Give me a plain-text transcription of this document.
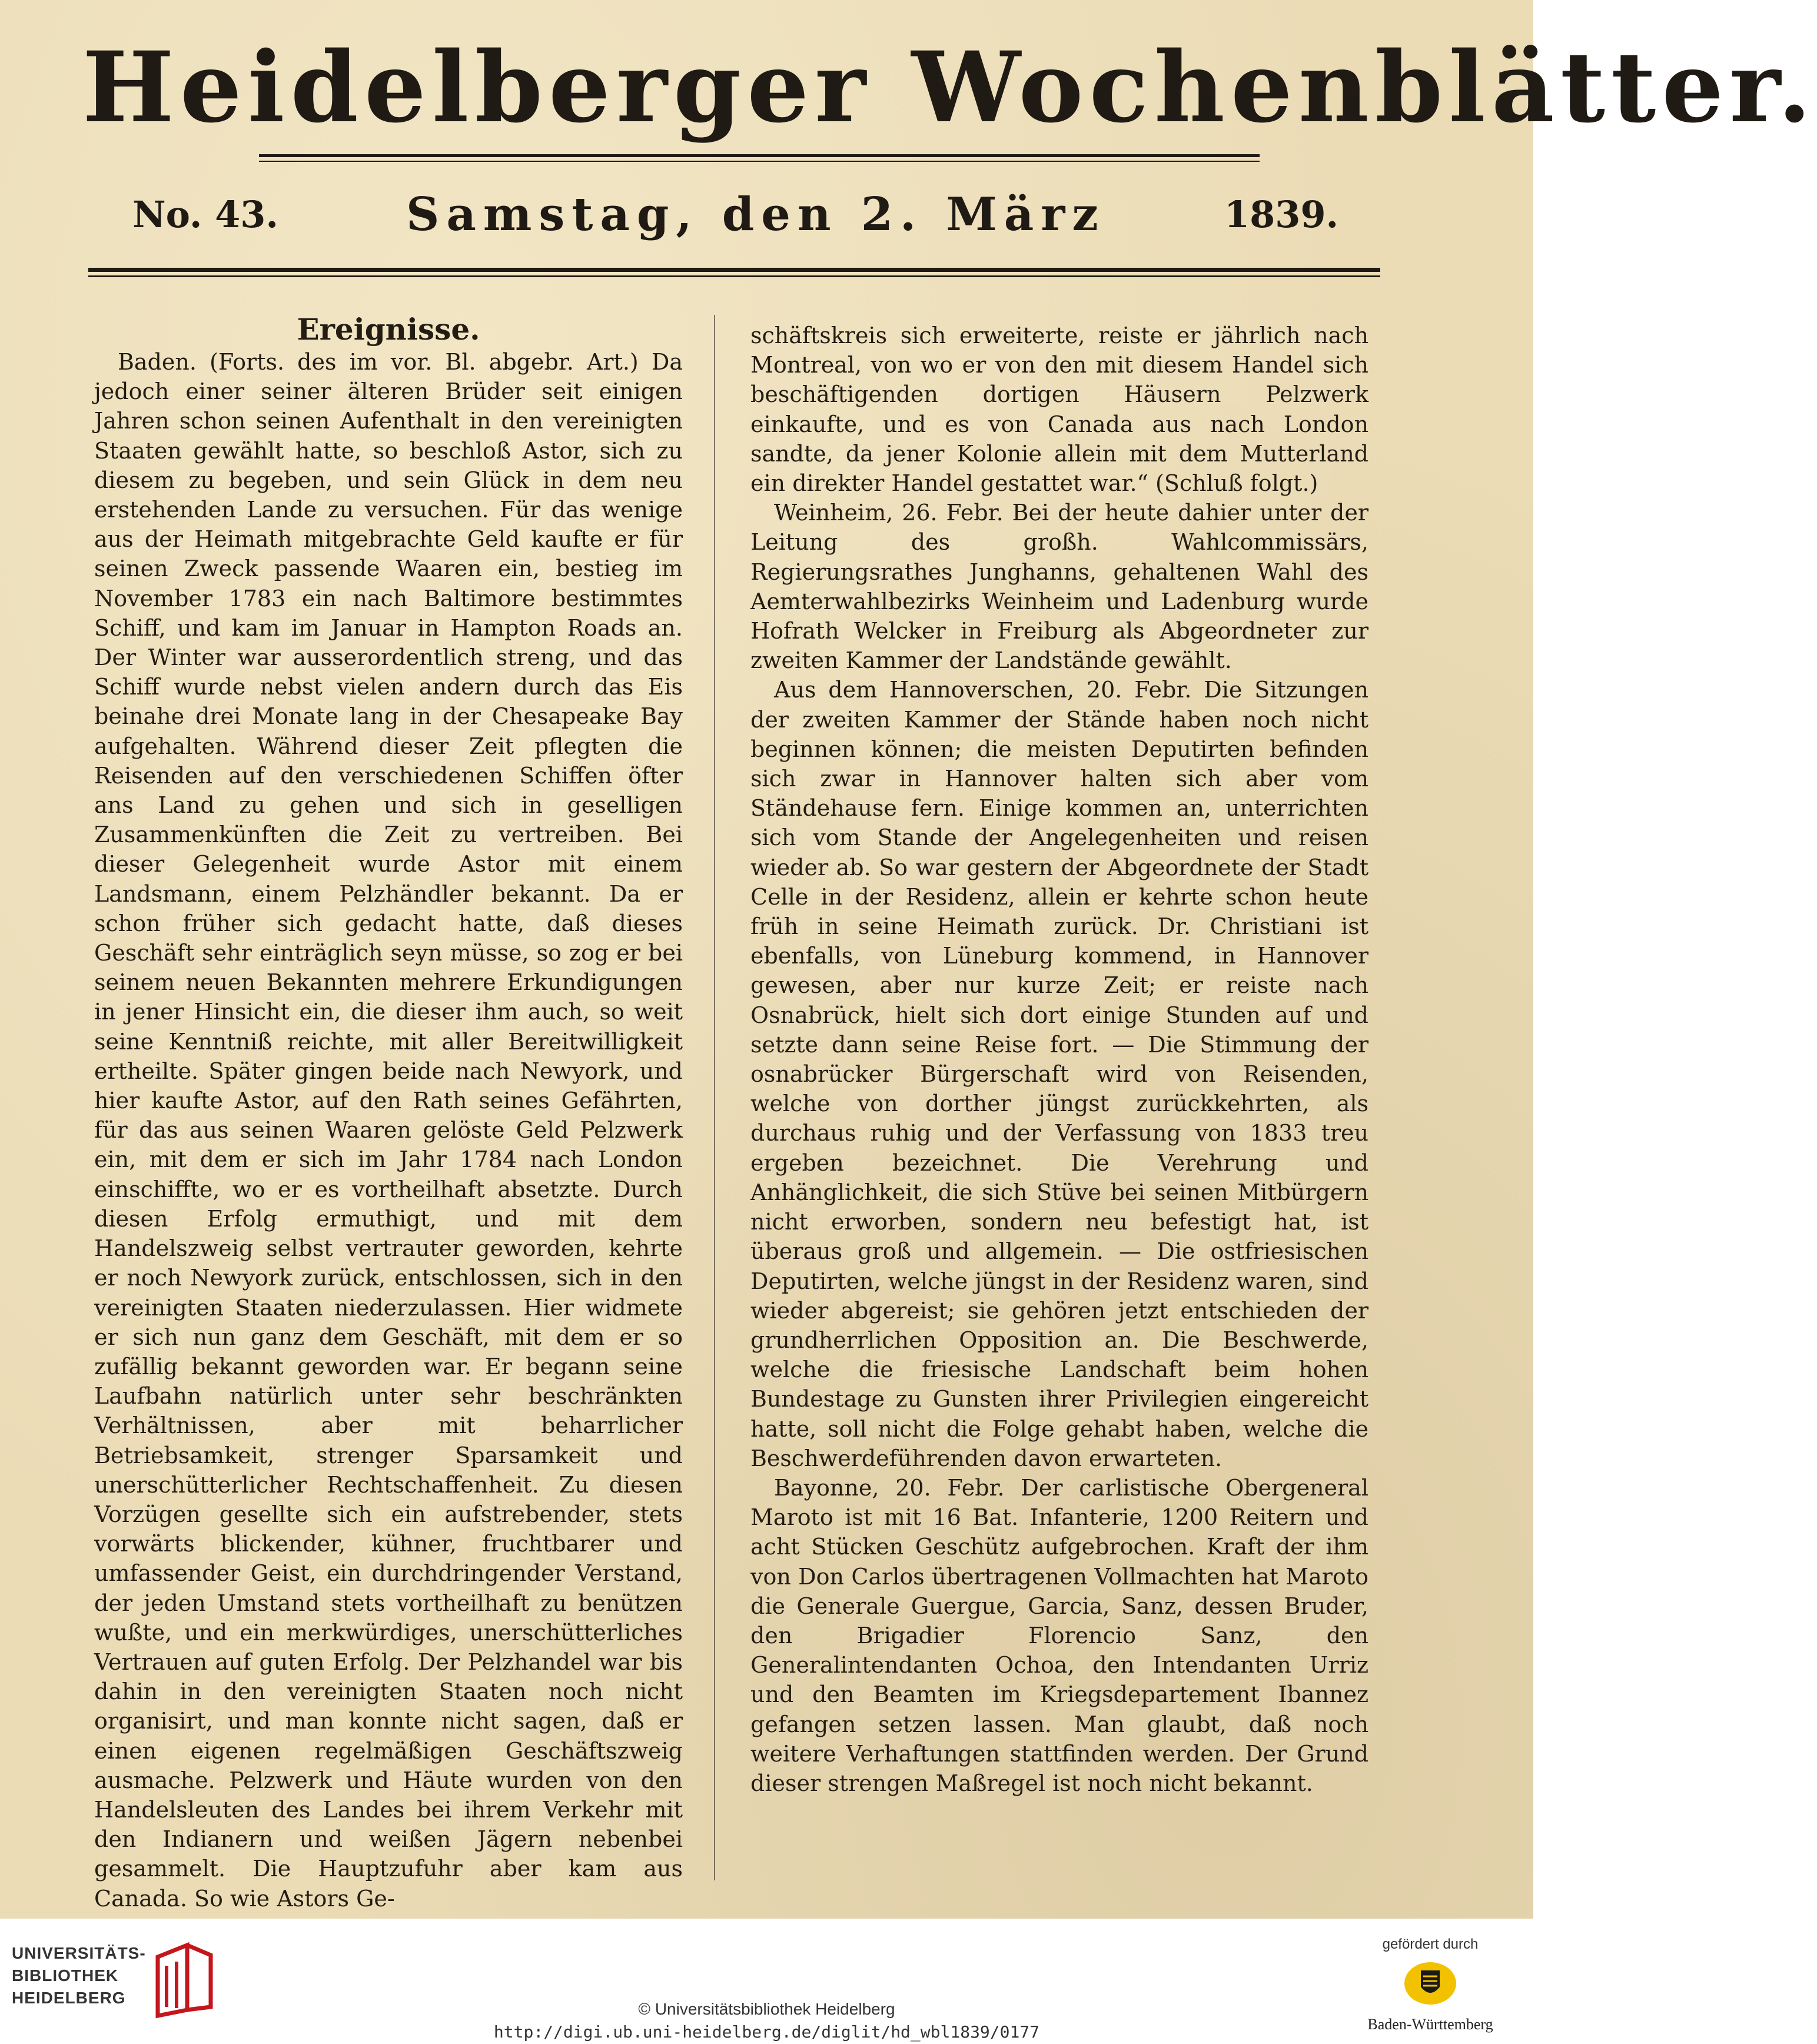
Heidelberger Wochenblätter.
No. 43.	Samstag, den 2. März	1839.
Ereignisse.

Baden. (Forts. des im vor. Bl. abgebr. Art.) Da jedoch einer seiner älteren Brüder seit einigen Jahren schon seinen Aufenthalt in den vereinigten Staaten gewählt hatte, so beschloß Astor, sich zu diesem zu begeben, und sein Glück in dem neu erstehenden Lande zu versuchen. Für das wenige aus der Heimath mitgebrachte Geld kaufte er für seinen Zweck passende Waaren ein, bestieg im November 1783 ein nach Baltimore bestimmtes Schiff, und kam im Januar in Hampton Roads an. Der Winter war ausserordentlich streng, und das Schiff wurde nebst vielen andern durch das Eis beinahe drei Monate lang in der Chesapeake Bay aufgehalten. Während dieser Zeit pflegten die Reisenden auf den verschiedenen Schiffen öfter ans Land zu gehen und sich in geselligen Zusammenkünften die Zeit zu vertreiben. Bei dieser Gelegenheit wurde Astor mit einem Landsmann, einem Pelzhändler bekannt. Da er schon früher sich gedacht hatte, daß dieses Geschäft sehr einträglich seyn müsse, so zog er bei seinem neuen Bekannten mehrere Erkundigungen in jener Hinsicht ein, die dieser ihm auch, so weit seine Kenntniß reichte, mit aller Bereitwilligkeit ertheilte. Später gingen beide nach Newyork, und hier kaufte Astor, auf den Rath seines Gefährten, für das aus seinen Waaren gelöste Geld Pelzwerk ein, mit dem er sich im Jahr 1784 nach London einschiffte, wo er es vortheilhaft absetzte. Durch diesen Erfolg ermuthigt, und mit dem Handelszweig selbst vertrauter geworden, kehrte er noch Newyork zurück, entschlossen, sich in den vereinigten Staaten niederzulassen. Hier widmete er sich nun ganz dem Geschäft, mit dem er so zufällig bekannt geworden war. Er begann seine Laufbahn natürlich unter sehr beschränkten Verhältnissen, aber mit beharrlicher Betriebsamkeit, strenger Sparsamkeit und unerschütterlicher Rechtschaffenheit. Zu diesen Vorzügen gesellte sich ein aufstrebender, stets vorwärts blickender, kühner, fruchtbarer und umfassender Geist, ein durchdringender Verstand, der jeden Umstand stets vortheilhaft zu benützen wußte, und ein merkwürdiges, unerschütterliches Vertrauen auf guten Erfolg. Der Pelzhandel war bis dahin in den vereinigten Staaten noch nicht organisirt, und man konnte nicht sagen, daß er einen eigenen regelmäßigen Geschäftszweig ausmache. Pelzwerk und Häute wurden von den Handelsleuten des Landes bei ihrem Verkehr mit den Indianern und weißen Jägern nebenbei gesammelt. Die Hauptzufuhr aber kam aus Canada. So wie Astors Ge-

schäftskreis sich erweiterte, reiste er jährlich nach Montreal, von wo er von den mit diesem Handel sich beschäftigenden dortigen Häusern Pelzwerk einkaufte, und es von Canada aus nach London sandte, da jener Kolonie allein mit dem Mutterland ein direkter Handel gestattet war.“ (Schluß folgt.)

Weinheim, 26. Febr. Bei der heute dahier unter der Leitung des großh. Wahlcommissärs, Regierungsrathes Junghanns, gehaltenen Wahl des Aemterwahlbezirks Weinheim und Ladenburg wurde Hofrath Welcker in Freiburg als Abgeordneter zur zweiten Kammer der Landstände gewählt.

Aus dem Hannoverschen, 20. Febr. Die Sitzungen der zweiten Kammer der Stände haben noch nicht beginnen können; die meisten Deputirten befinden sich zwar in Hannover halten sich aber vom Ständehause fern. Einige kommen an, unterrichten sich vom Stande der Angelegenheiten und reisen wieder ab. So war gestern der Abgeordnete der Stadt Celle in der Residenz, allein er kehrte schon heute früh in seine Heimath zurück. Dr. Christiani ist ebenfalls, von Lüneburg kommend, in Hannover gewesen, aber nur kurze Zeit; er reiste nach Osnabrück, hielt sich dort einige Stunden auf und setzte dann seine Reise fort. — Die Stimmung der osnabrücker Bürgerschaft wird von Reisenden, welche von dorther jüngst zurückkehrten, als durchaus ruhig und der Verfassung von 1833 treu ergeben bezeichnet. Die Verehrung und Anhänglichkeit, die sich Stüve bei seinen Mitbürgern nicht erworben, sondern neu befestigt hat, ist überaus groß und allgemein. — Die ostfriesischen Deputirten, welche jüngst in der Residenz waren, sind wieder abgereist; sie gehören jetzt entschieden der grundherrlichen Opposition an. Die Beschwerde, welche die friesische Landschaft beim hohen Bundestage zu Gunsten ihrer Privilegien eingereicht hatte, soll nicht die Folge gehabt haben, welche die Beschwerdeführenden davon erwarteten.

Bayonne, 20. Febr. Der carlistische Obergeneral Maroto ist mit 16 Bat. Infanterie, 1200 Reitern und acht Stücken Geschütz aufgebrochen. Kraft der ihm von Don Carlos übertragenen Vollmachten hat Maroto die Generale Guergue, Garcia, Sanz, dessen Bruder, den Brigadier Florencio Sanz, den Generalintendanten Ochoa, den Intendanten Urriz und den Beamten im Kriegsdepartement Ibannez gefangen setzen lassen. Man glaubt, daß noch weitere Verhaftungen stattfinden werden. Der Grund dieser strengen Maßregel ist noch nicht bekannt.

UNIVERSITÄTS-
BIBLIOTHEK
HEIDELBERG
© Universitätsbibliothek Heidelberg
http://digi.ub.uni-heidelberg.de/diglit/hd_wbl1839/0177
gefördert durch
Baden-Württemberg
